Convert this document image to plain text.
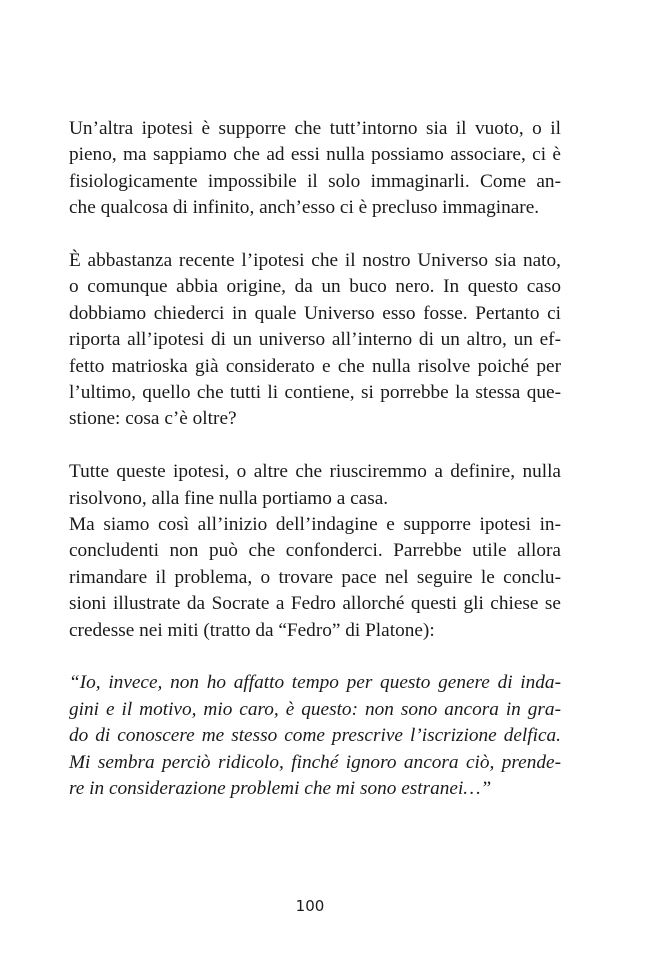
Un’altra ipotesi è supporre che tutt’intorno sia il vuoto, o il
pieno, ma sappiamo che ad essi nulla possiamo associare, ci è
fisiologicamente impossibile il solo immaginarli. Come an-
che qualcosa di infinito, anch’esso ci è precluso immaginare.

È abbastanza recente l’ipotesi che il nostro Universo sia nato,
o comunque abbia origine, da un buco nero. In questo caso
dobbiamo chiederci in quale Universo esso fosse. Pertanto ci
riporta all’ipotesi di un universo all’interno di un altro, un ef-
fetto matrioska già considerato e che nulla risolve poiché per
l’ultimo, quello che tutti li contiene, si porrebbe la stessa que-
stione: cosa c’è oltre?

Tutte queste ipotesi, o altre che riusciremmo a definire, nulla
risolvono, alla fine nulla portiamo a casa.
Ma siamo così all’inizio dell’indagine e supporre ipotesi in-
concludenti non può che confonderci. Parrebbe utile allora
rimandare il problema, o trovare pace nel seguire le conclu-
sioni illustrate da Socrate a Fedro allorché questi gli chiese se
credesse nei miti (tratto da “Fedro” di Platone):

“Io, invece, non ho affatto tempo per questo genere di inda-
gini e il motivo, mio caro, è questo: non sono ancora in gra-
do di conoscere me stesso come prescrive l’iscrizione delfica.
Mi sembra perciò ridicolo, finché ignoro ancora ciò, prende-
re in considerazione problemi che mi sono estranei…”

100
